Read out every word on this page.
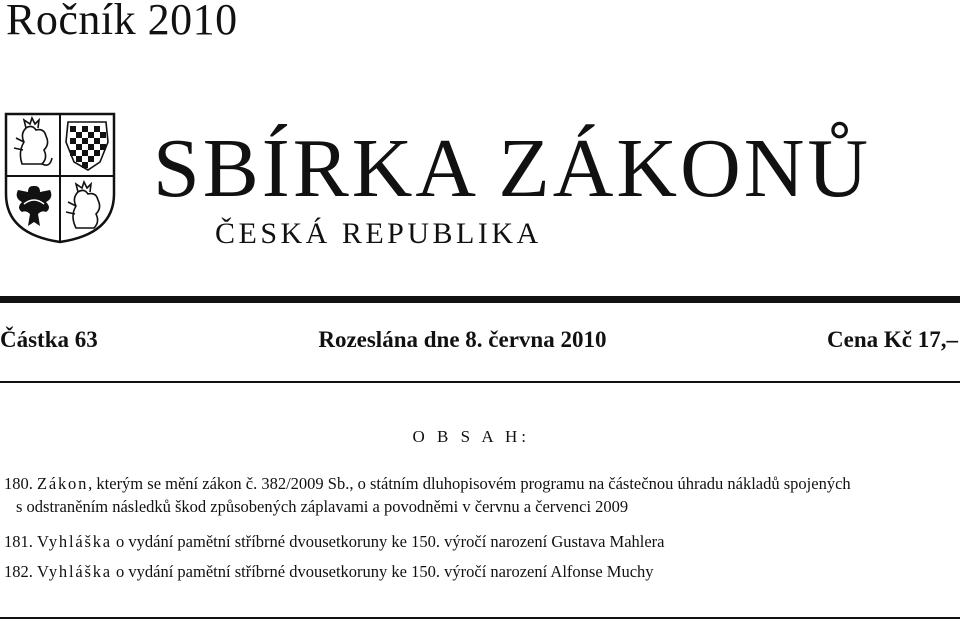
Ročník 2010
SBÍRKA ZÁKONŮ
ČESKÁ REPUBLIKA
Částka 63	Rozeslána dne 8. června 2010	Cena Kč 17,–
O B S A H:
180. Zákon, kterým se mění zákon č. 382/2009 Sb., o státním dluhopisovém programu na částečnou úhradu nákladů spojených
s odstraněním následků škod způsobených záplavami a povodněmi v červnu a červenci 2009
181. Vyhláška o vydání pamětní stříbrné dvousetkoruny ke 150. výročí narození Gustava Mahlera
182. Vyhláška o vydání pamětní stříbrné dvousetkoruny ke 150. výročí narození Alfonse Muchy
